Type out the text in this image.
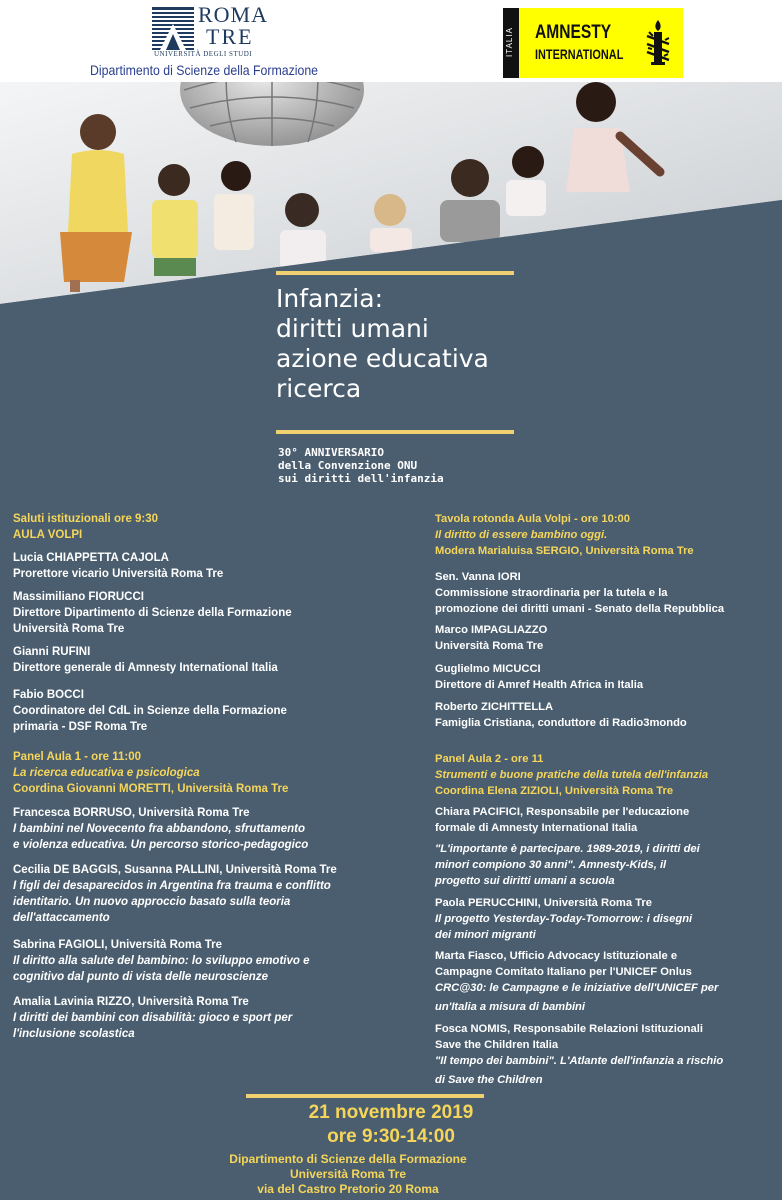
ROMA
TRE
UNIVERSITÀ DEGLI STUDI
Dipartimento di Scienze della Formazione
ITALIA AMNESTY
INTERNATIONAL
Infanzia:
diritti umani
azione educativa
ricerca
30° ANNIVERSARIO
della Convenzione ONU
sui diritti dell'infanzia
Saluti istituzionali ore 9:30
AULA VOLPI
Lucia CHIAPPETTA CAJOLA
Prorettore vicario Università Roma Tre
Massimiliano FIORUCCI
Direttore Dipartimento di Scienze della Formazione
Università Roma Tre
Gianni RUFINI
Direttore generale di Amnesty International Italia
Fabio BOCCI
Coordinatore del CdL in Scienze della Formazione
primaria - DSF Roma Tre
Panel Aula 1 - ore 11:00
La ricerca educativa e psicologica
Coordina Giovanni MORETTI, Università Roma Tre
Francesca BORRUSO, Università Roma Tre
I bambini nel Novecento fra abbandono, sfruttamento
e violenza educativa. Un percorso storico-pedagogico
Cecilia DE BAGGIS, Susanna PALLINI, Università Roma Tre
I figli dei desaparecidos in Argentina fra trauma e conflitto
identitario. Un nuovo approccio basato sulla teoria
dell'attaccamento
Sabrina FAGIOLI, Università Roma Tre
Il diritto alla salute del bambino: lo sviluppo emotivo e
cognitivo dal punto di vista delle neuroscienze
Amalia Lavinia RIZZO, Università Roma Tre
I diritti dei bambini con disabilità: gioco e sport per
l'inclusione scolastica
Tavola rotonda Aula Volpi - ore 10:00
Il diritto di essere bambino oggi.
Modera Marialuisa SERGIO, Università Roma Tre
Sen. Vanna IORI
Commissione straordinaria per la tutela e la
promozione dei diritti umani - Senato della Repubblica
Marco IMPAGLIAZZO
Università Roma Tre
Guglielmo MICUCCI
Direttore di Amref Health Africa in Italia
Roberto ZICHITTELLA
Famiglia Cristiana, conduttore di Radio3mondo
Panel Aula 2 - ore 11
Strumenti e buone pratiche della tutela dell'infanzia
Coordina Elena ZIZIOLI, Università Roma Tre
Chiara PACIFICI, Responsabile per l'educazione
formale di Amnesty International Italia
"L'importante è partecipare. 1989-2019, i diritti dei
minori compiono 30 anni". Amnesty-Kids, il
progetto sui diritti umani a scuola
Paola PERUCCHINI, Università Roma Tre
Il progetto Yesterday-Today-Tomorrow: i disegni
dei minori migranti
Marta Fiasco, Ufficio Advocacy Istituzionale e
Campagne Comitato Italiano per l'UNICEF Onlus
CRC@30: le Campagne e le iniziative dell'UNICEF per
un'Italia a misura di bambini
Fosca NOMIS, Responsabile Relazioni Istituzionali
Save the Children Italia
"Il tempo dei bambini". L'Atlante dell'infanzia a rischio
di Save the Children
21 novembre 2019
ore 9:30-14:00
Dipartimento di Scienze della Formazione
Università Roma Tre
via del Castro Pretorio 20 Roma
